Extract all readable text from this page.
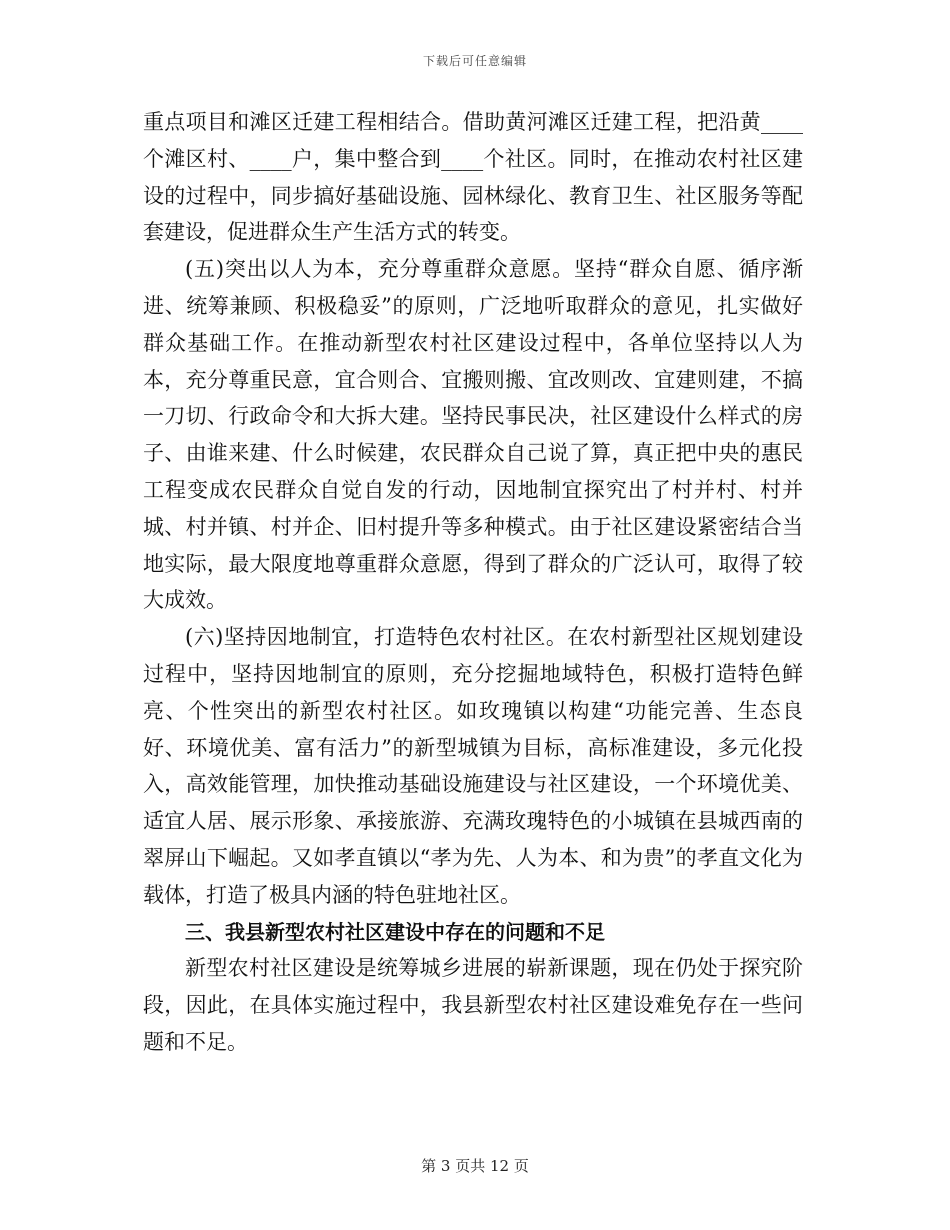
下载后可任意编辑

重点项目和滩区迁建工程相结合。借助黄河滩区迁建工程，把沿黄____个滩区村、____户，集中整合到____个社区。同时，在推动农村社区建设的过程中，同步搞好基础设施、园林绿化、教育卫生、社区服务等配套建设，促进群众生产生活方式的转变。

(五)突出以人为本，充分尊重群众意愿。坚持“群众自愿、循序渐进、统筹兼顾、积极稳妥”的原则，广泛地听取群众的意见，扎实做好群众基础工作。在推动新型农村社区建设过程中，各单位坚持以人为本，充分尊重民意，宜合则合、宜搬则搬、宜改则改、宜建则建，不搞一刀切、行政命令和大拆大建。坚持民事民决，社区建设什么样式的房子、由谁来建、什么时候建，农民群众自己说了算，真正把中央的惠民工程变成农民群众自觉自发的行动，因地制宜探究出了村并村、村并城、村并镇、村并企、旧村提升等多种模式。由于社区建设紧密结合当地实际，最大限度地尊重群众意愿，得到了群众的广泛认可，取得了较大成效。

(六)坚持因地制宜，打造特色农村社区。在农村新型社区规划建设过程中，坚持因地制宜的原则，充分挖掘地域特色，积极打造特色鲜亮、个性突出的新型农村社区。如玫瑰镇以构建“功能完善、生态良好、环境优美、富有活力”的新型城镇为目标，高标准建设，多元化投入，高效能管理，加快推动基础设施建设与社区建设，一个环境优美、适宜人居、展示形象、承接旅游、充满玫瑰特色的小城镇在县城西南的翠屏山下崛起。又如孝直镇以“孝为先、人为本、和为贵”的孝直文化为载体，打造了极具内涵的特色驻地社区。

三、我县新型农村社区建设中存在的问题和不足

新型农村社区建设是统筹城乡进展的崭新课题，现在仍处于探究阶段，因此，在具体实施过程中，我县新型农村社区建设难免存在一些问题和不足。

第 3 页共 12 页
